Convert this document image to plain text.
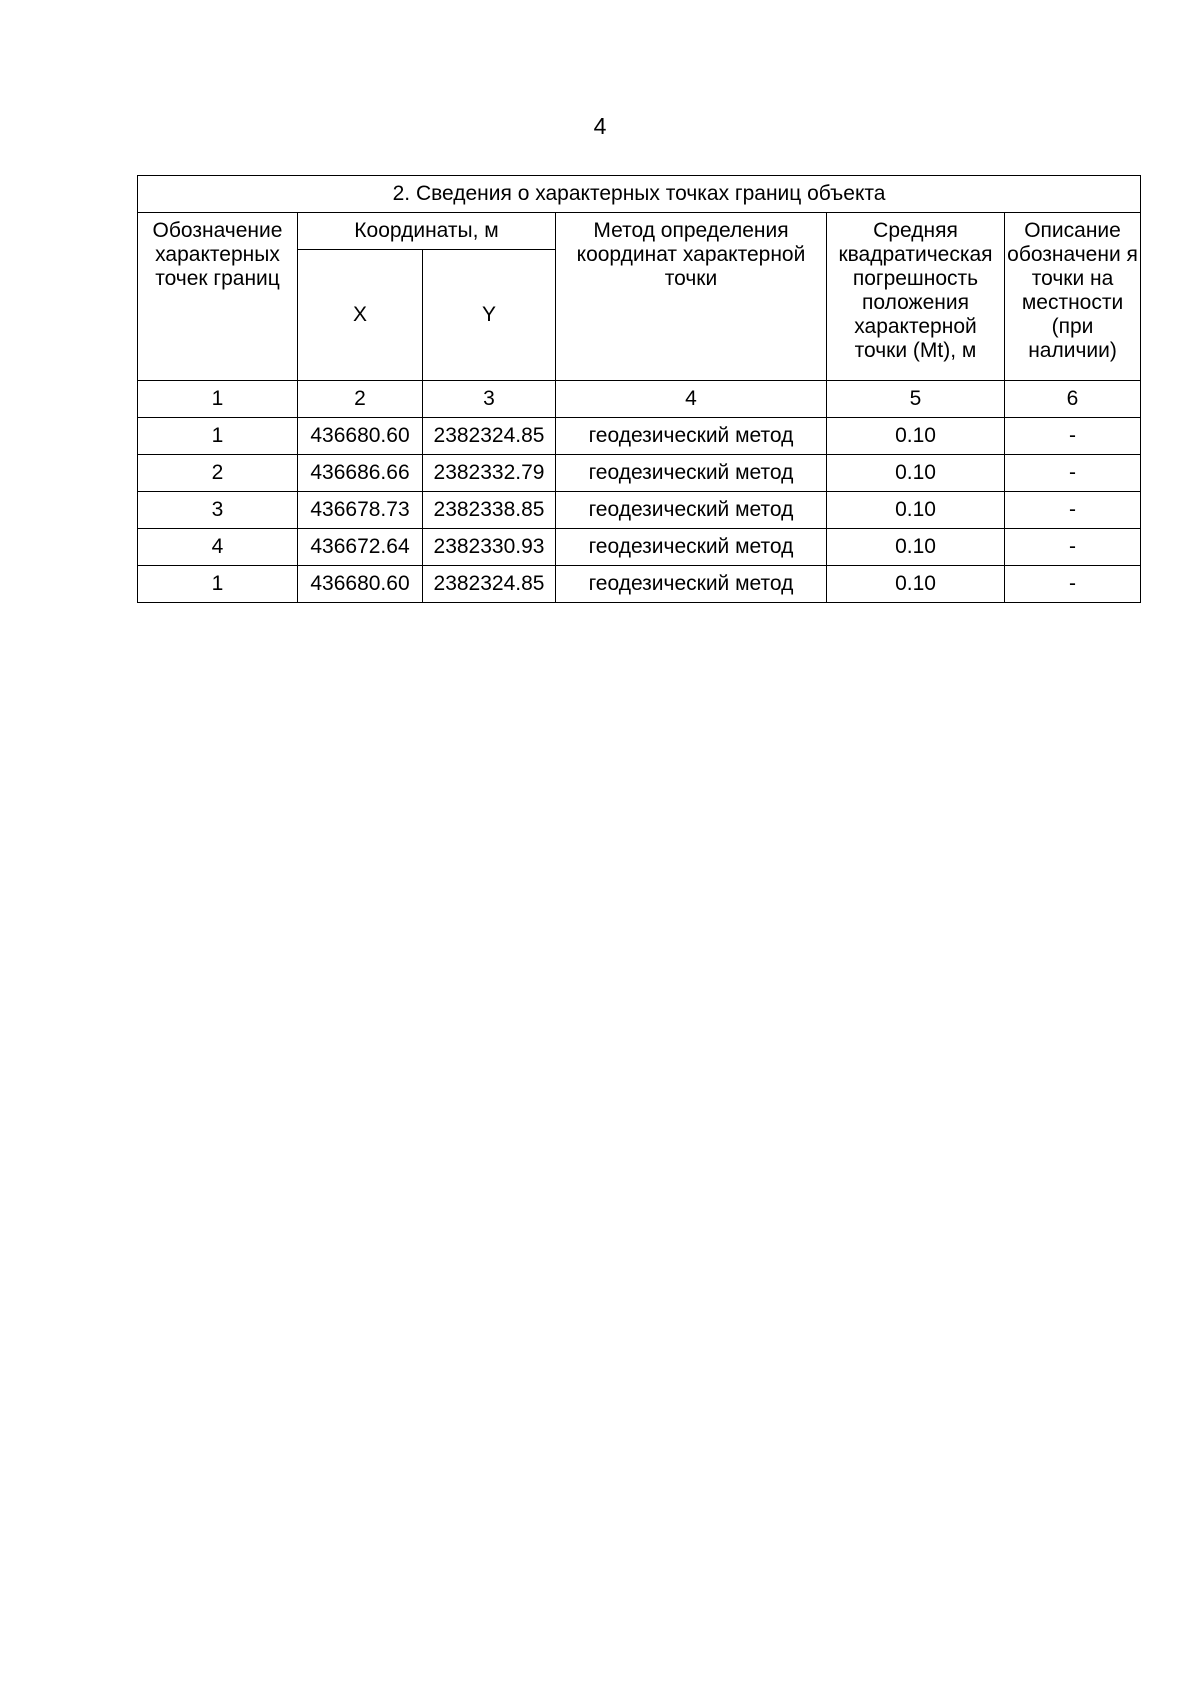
4
2. Сведения о характерных точках границ объекта					
Обозначение характерных точек границ	Координаты, м		Метод определения координат характерной точки	Средняя квадратическая погрешность положения характерной точки (Mt), м	Описание обозначени я точки на местности (при наличии)
	X	Y			
1	2	3	4	5	6
1	436680.60	2382324.85	геодезический метод	0.10	-
2	436686.66	2382332.79	геодезический метод	0.10	-
3	436678.73	2382338.85	геодезический метод	0.10	-
4	436672.64	2382330.93	геодезический метод	0.10	-
1	436680.60	2382324.85	геодезический метод	0.10	-
